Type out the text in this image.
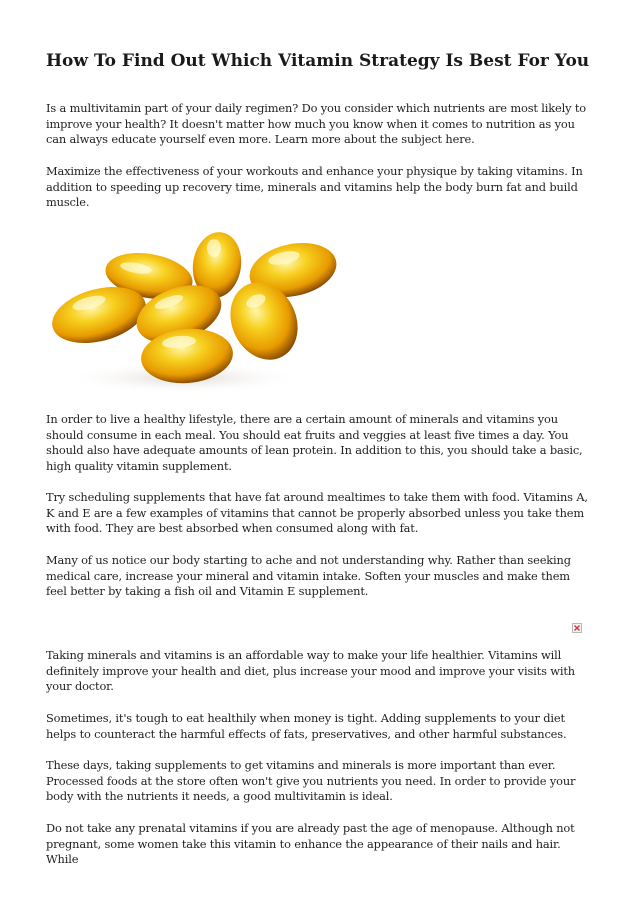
How To Find Out Which Vitamin Strategy Is Best For You

Is a multivitamin part of your daily regimen? Do you consider which nutrients are most likely to improve your health? It doesn't matter how much you know when it comes to nutrition as you can always educate yourself even more. Learn more about the subject here.

Maximize the effectiveness of your workouts and enhance your physique by taking vitamins. In addition to speeding up recovery time, minerals and vitamins help the body burn fat and build muscle.

In order to live a healthy lifestyle, there are a certain amount of minerals and vitamins you should consume in each meal. You should eat fruits and veggies at least five times a day. You should also have adequate amounts of lean protein. In addition to this, you should take a basic, high quality vitamin supplement.

Try scheduling supplements that have fat around mealtimes to take them with food. Vitamins A, K and E are a few examples of vitamins that cannot be properly absorbed unless you take them with food. They are best absorbed when consumed along with fat.

Many of us notice our body starting to ache and not understanding why. Rather than seeking medical care, increase your mineral and vitamin intake. Soften your muscles and make them feel better by taking a fish oil and Vitamin E supplement.

Taking minerals and vitamins is an affordable way to make your life healthier. Vitamins will definitely improve your health and diet, plus increase your mood and improve your visits with your doctor.

Sometimes, it's tough to eat healthily when money is tight. Adding supplements to your diet helps to counteract the harmful effects of fats, preservatives, and other harmful substances.

These days, taking supplements to get vitamins and minerals is more important than ever. Processed foods at the store often won't give you nutrients you need. In order to provide your body with the nutrients it needs, a good multivitamin is ideal.

Do not take any prenatal vitamins if you are already past the age of menopause. Although not pregnant, some women take this vitamin to enhance the appearance of their nails and hair. While
